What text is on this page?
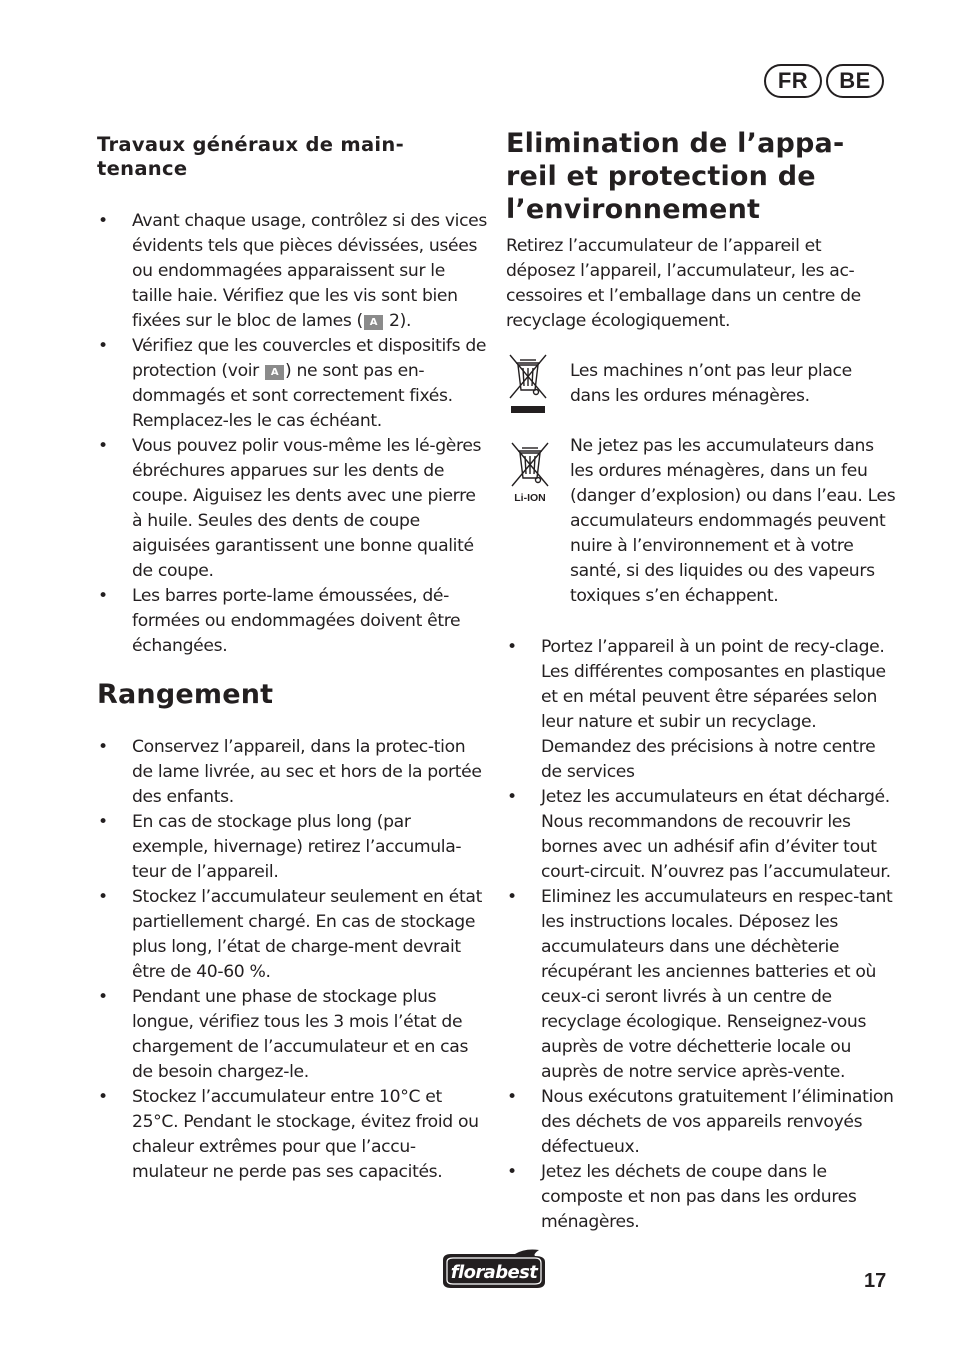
FR	BE
Travaux généraux de main-
tenance
• Avant chaque usage, contrôlez si des vices évidents tels que pièces dévissées, usées ou endommagées apparaissent sur le taille haie. Vérifiez que les vis sont bien fixées sur le bloc de lames ( A 2).
• Vérifiez que les couvercles et dispositifs de protection (voir A ) ne sont pas en-dommagés et sont correctement fixés. Remplacez-les le cas échéant.
• Vous pouvez polir vous-même les lé-gères ébréchures apparues sur les dents de coupe. Aiguisez les dents avec une pierre à huile. Seules des dents de coupe aiguisées garantissent une bonne qualité de coupe.
• Les barres porte-lame émoussées, dé-formées ou endommagées doivent être échangées.
Rangement
• Conservez l’appareil, dans la protec-tion de lame livrée, au sec et hors de la portée des enfants.
• En cas de stockage plus long (par exemple, hivernage) retirez l’accumula-teur de l’appareil.
• Stockez l’accumulateur seulement en état partiellement chargé. En cas de stockage plus long, l’état de charge-ment devrait être de 40-60 %.
• Pendant une phase de stockage plus longue, vérifiez tous les 3 mois l’état de chargement de l’accumulateur et en cas de besoin chargez-le.
• Stockez l’accumulateur entre 10°C et 25°C. Pendant le stockage, évitez froid ou chaleur extrêmes pour que l’accu-mulateur ne perde pas ses capacités.
Elimination de l’appa-
reil et protection de
l’environnement
Retirez l’accumulateur de l’appareil et déposez l’appareil, l’accumulateur, les ac-cessoires et l’emballage dans un centre de recyclage écologiquement.
Les machines n’ont pas leur place dans les ordures ménagères.
Li-ION
Ne jetez pas les accumulateurs dans les ordures ménagères, dans un feu (danger d’explosion) ou dans l’eau. Les accumulateurs endommagés peuvent nuire à l’environnement et à votre santé, si des liquides ou des vapeurs toxiques s’en échappent.
• Portez l’appareil à un point de recy-clage. Les différentes composantes en plastique et en métal peuvent être séparées selon leur nature et subir un recyclage. Demandez des précisions à notre centre de services
• Jetez les accumulateurs en état déchargé. Nous recommandons de recouvrir les bornes avec un adhésif afin d’éviter tout court-circuit. N’ouvrez pas l’accumulateur.
• Eliminez les accumulateurs en respec-tant les instructions locales. Déposez les accumulateurs dans une déchèterie récupérant les anciennes batteries et où ceux-ci seront livrés à un centre de recyclage écologique. Renseignez-vous auprès de votre déchetterie locale ou auprès de notre service après-vente.
• Nous exécutons gratuitement l’élimination des déchets de vos appareils renvoyés défectueux.
• Jetez les déchets de coupe dans le composte et non pas dans les ordures ménagères.
florabest	17
